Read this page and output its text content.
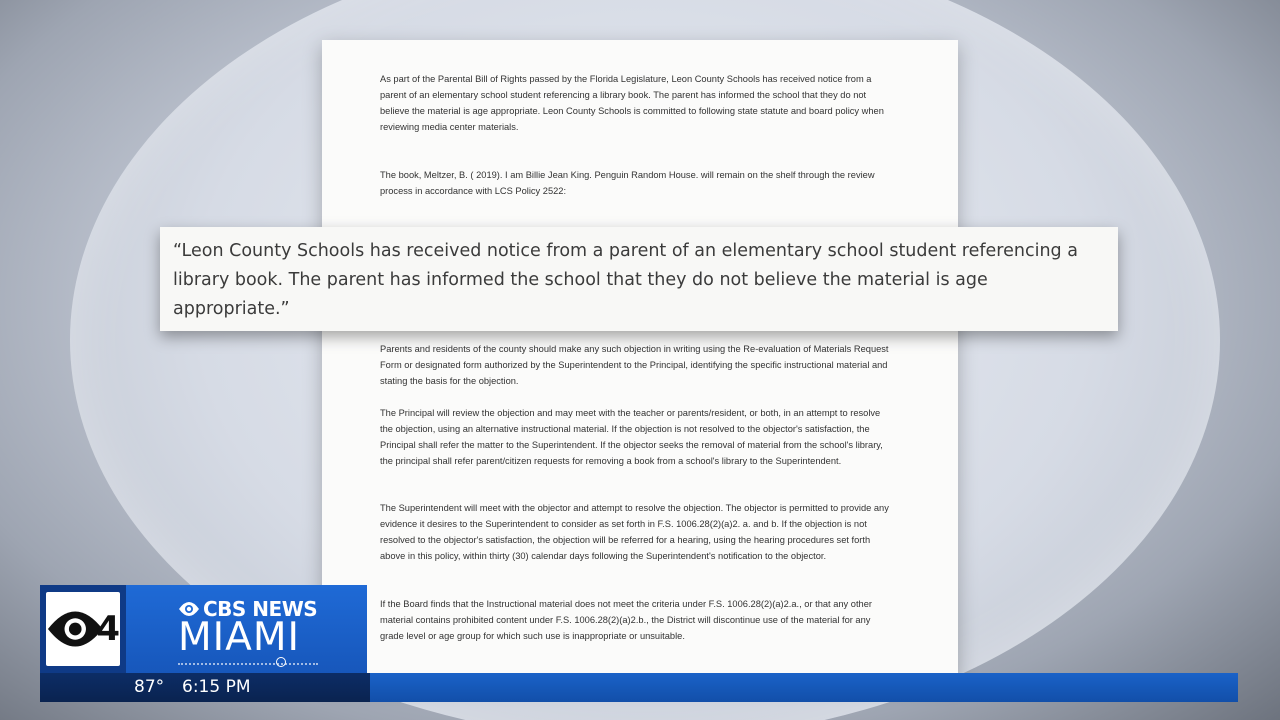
As part of the Parental Bill of Rights passed by the Florida Legislature, Leon County Schools has received notice from a parent of an elementary school student referencing a library book. The parent has informed the school that they do not believe the material is age appropriate. Leon County Schools is committed to following state statute and board policy when reviewing media center materials.

The book, Meltzer, B. ( 2019). I am Billie Jean King. Penguin Random House. will remain on the shelf through the review process in accordance with LCS Policy 2522:

Parents and residents of the county should make any such objection in writing using the Re-evaluation of Materials Request Form or designated form authorized by the Superintendent to the Principal, identifying the specific instructional material and stating the basis for the objection.

The Principal will review the objection and may meet with the teacher or parents/resident, or both, in an attempt to resolve the objection, using an alternative instructional material. If the objection is not resolved to the objector's satisfaction, the Principal shall refer the matter to the Superintendent. If the objector seeks the removal of material from the school's library, the principal shall refer parent/citizen requests for removing a book from a school's library to the Superintendent.

The Superintendent will meet with the objector and attempt to resolve the objection. The objector is permitted to provide any evidence it desires to the Superintendent to consider as set forth in F.S. 1006.28(2)(a)2. a. and b. If the objection is not resolved to the objector's satisfaction, the objection will be referred for a hearing, using the hearing procedures set forth above in this policy, within thirty (30) calendar days following the Superintendent's notification to the objector.

If the Board finds that the Instructional material does not meet the criteria under F.S. 1006.28(2)(a)2.a., or that any other material contains prohibited content under F.S. 1006.28(2)(a)2.b., the District will discontinue use of the material for any grade level or age group for which such use is inappropriate or unsuitable.

“Leon County Schools has received notice from a parent of an elementary school student referencing a library book. The parent has informed the school that they do not believe the material is age appropriate.”
87° 6:15 PM
4	CBS NEWS
MIAMI
